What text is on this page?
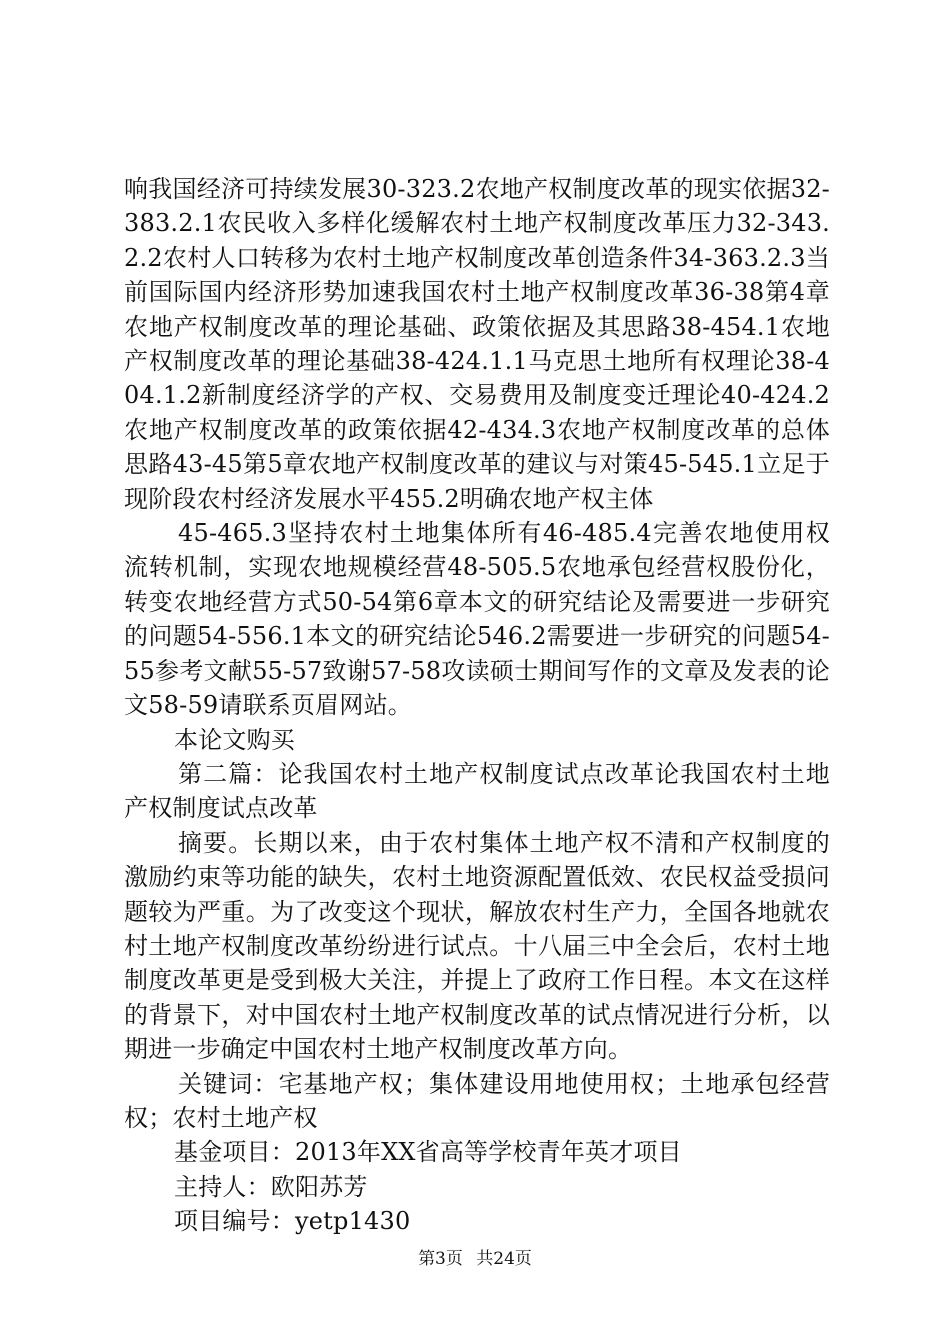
响我国经济可持续发展30-323.2农地产权制度改革的现实依据32-383.2.1农民收入多样化缓解农村土地产权制度改革压力32-343.2.2农村人口转移为农村土地产权制度改革创造条件34-363.2.3当前国际国内经济形势加速我国农村土地产权制度改革36-38第4章农地产权制度改革的理论基础、政策依据及其思路38-454.1农地产权制度改革的理论基础38-424.1.1马克思土地所有权理论38-404.1.2新制度经济学的产权、交易费用及制度变迁理论40-424.2农地产权制度改革的政策依据42-434.3农地产权制度改革的总体思路43-45第5章农地产权制度改革的建议与对策45-545.1立足于现阶段农村经济发展水平455.2明确农地产权主体

45-465.3坚持农村土地集体所有46-485.4完善农地使用权流转机制，实现农地规模经营48-505.5农地承包经营权股份化，转变农地经营方式50-54第6章本文的研究结论及需要进一步研究的问题54-556.1本文的研究结论546.2需要进一步研究的问题54-55参考文献55-57致谢57-58攻读硕士期间写作的文章及发表的论文58-59请联系页眉网站。

本论文购买

第二篇：论我国农村土地产权制度试点改革论我国农村土地产权制度试点改革

摘要。长期以来，由于农村集体土地产权不清和产权制度的激励约束等功能的缺失，农村土地资源配置低效、农民权益受损问题较为严重。为了改变这个现状，解放农村生产力，全国各地就农村土地产权制度改革纷纷进行试点。十八届三中全会后，农村土地制度改革更是受到极大关注，并提上了政府工作日程。本文在这样的背景下，对中国农村土地产权制度改革的试点情况进行分析，以期进一步确定中国农村土地产权制度改革方向。

关键词：宅基地产权；集体建设用地使用权；土地承包经营权；农村土地产权

基金项目：2013年XX省高等学校青年英才项目

主持人：欧阳苏芳

项目编号：yetp1430

第3页 共24页
